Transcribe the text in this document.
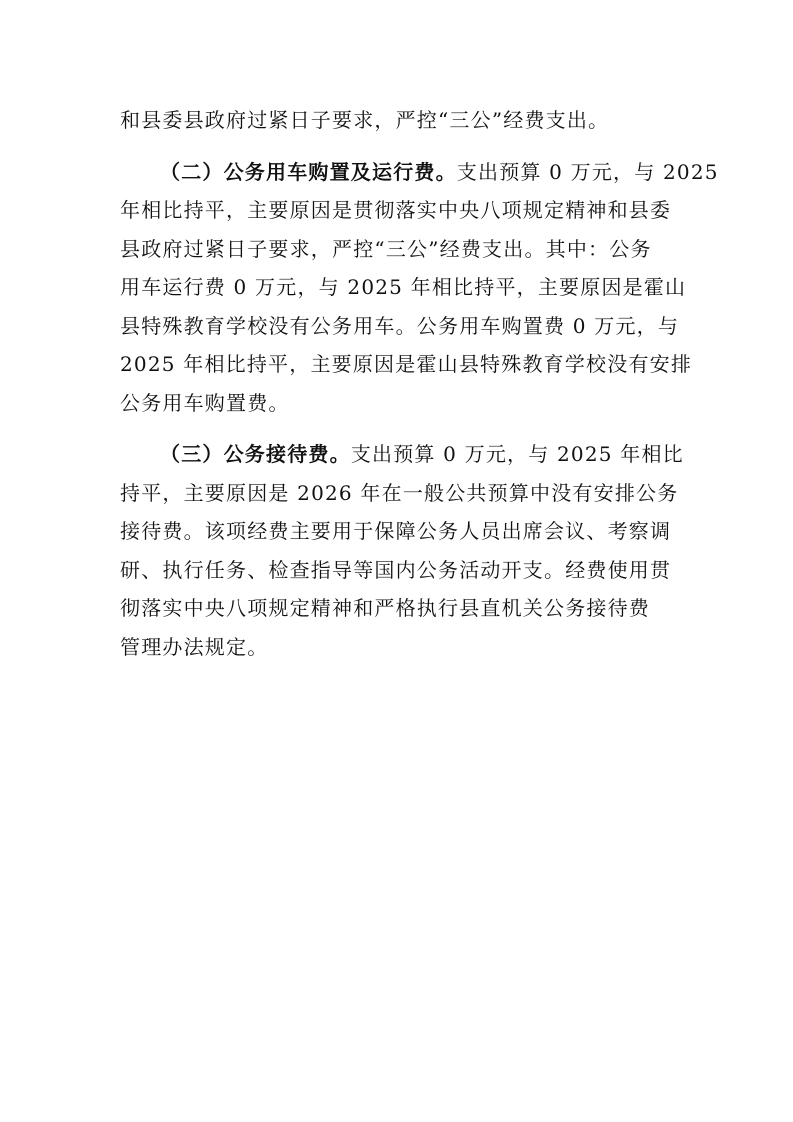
和县委县政府过紧日子要求，严控“三公”经费支出。
（二）公务用车购置及运行费。支出预算 0 万元，与 2025
年相比持平，主要原因是贯彻落实中央八项规定精神和县委
县政府过紧日子要求，严控“三公”经费支出。其中：公务
用车运行费 0 万元，与 2025 年相比持平，主要原因是霍山
县特殊教育学校没有公务用车。公务用车购置费 0 万元，与
2025 年相比持平，主要原因是霍山县特殊教育学校没有安排
公务用车购置费。
（三）公务接待费。支出预算 0 万元，与 2025 年相比
持平，主要原因是 2026 年在一般公共预算中没有安排公务
接待费。该项经费主要用于保障公务人员出席会议、考察调
研、执行任务、检查指导等国内公务活动开支。经费使用贯
彻落实中央八项规定精神和严格执行县直机关公务接待费
管理办法规定。
